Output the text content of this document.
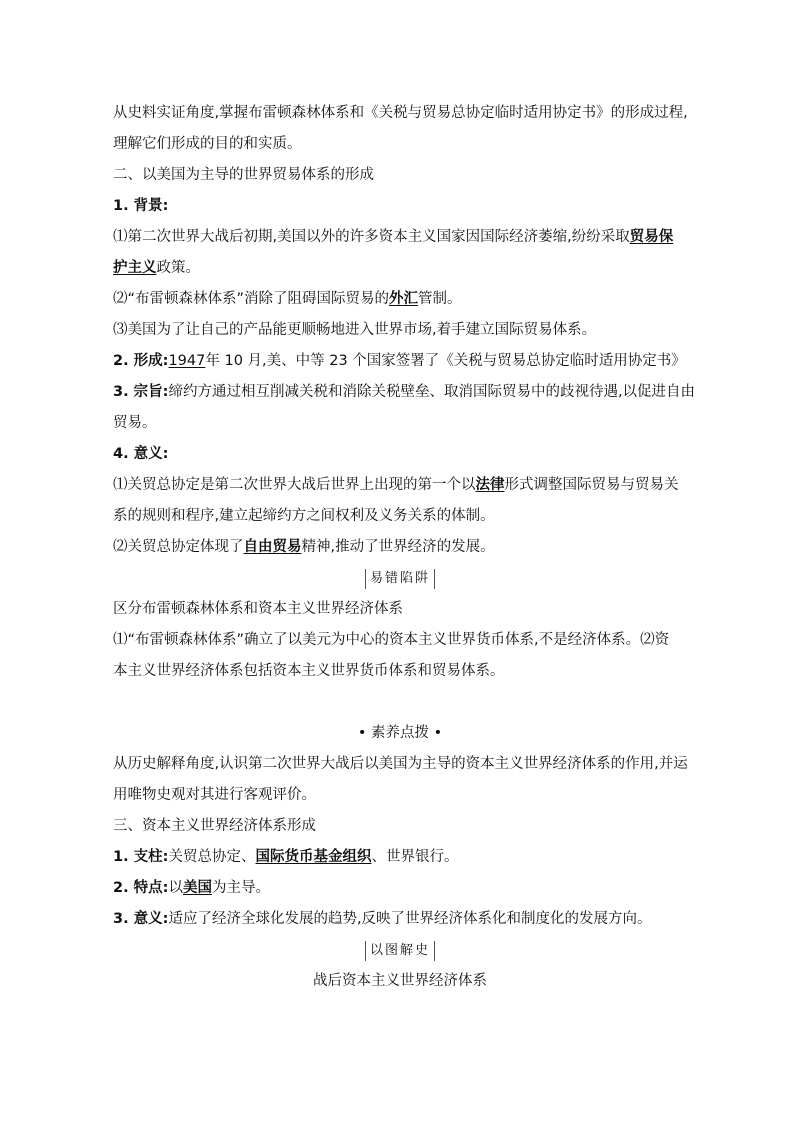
从史料实证角度,掌握布雷顿森林体系和《关税与贸易总协定临时适用协定书》的形成过程,
理解它们形成的目的和实质。
二、以美国为主导的世界贸易体系的形成
1. 背景:
⑴第二次世界大战后初期,美国以外的许多资本主义国家因国际经济萎缩,纷纷采取贸易保
护主义政策。
⑵“布雷顿森林体系”消除了阻碍国际贸易的外汇管制。
⑶美国为了让自己的产品能更顺畅地进入世界市场,着手建立国际贸易体系。
2. 形成:1947年 10 月,美、中等 23 个国家签署了《关税与贸易总协定临时适用协定书》
3. 宗旨:缔约方通过相互削减关税和消除关税壁垒、取消国际贸易中的歧视待遇,以促进自由
贸易。
4. 意义:
⑴关贸总协定是第二次世界大战后世界上出现的第一个以法律形式调整国际贸易与贸易关
系的规则和程序,建立起缔约方之间权利及义务关系的体制。
⑵关贸总协定体现了自由贸易精神,推动了世界经济的发展。
易错陷阱
区分布雷顿森林体系和资本主义世界经济体系
⑴“布雷顿森林体系”确立了以美元为中心的资本主义世界货币体系,不是经济体系。⑵资
本主义世界经济体系包括资本主义世界货币体系和贸易体系。
• 素养点拨 •
从历史解释角度,认识第二次世界大战后以美国为主导的资本主义世界经济体系的作用,并运
用唯物史观对其进行客观评价。
三、资本主义世界经济体系形成
1. 支柱:关贸总协定、国际货币基金组织、世界银行。
2. 特点:以美国为主导。
3. 意义:适应了经济全球化发展的趋势,反映了世界经济体系化和制度化的发展方向。
以图解史
战后资本主义世界经济体系
